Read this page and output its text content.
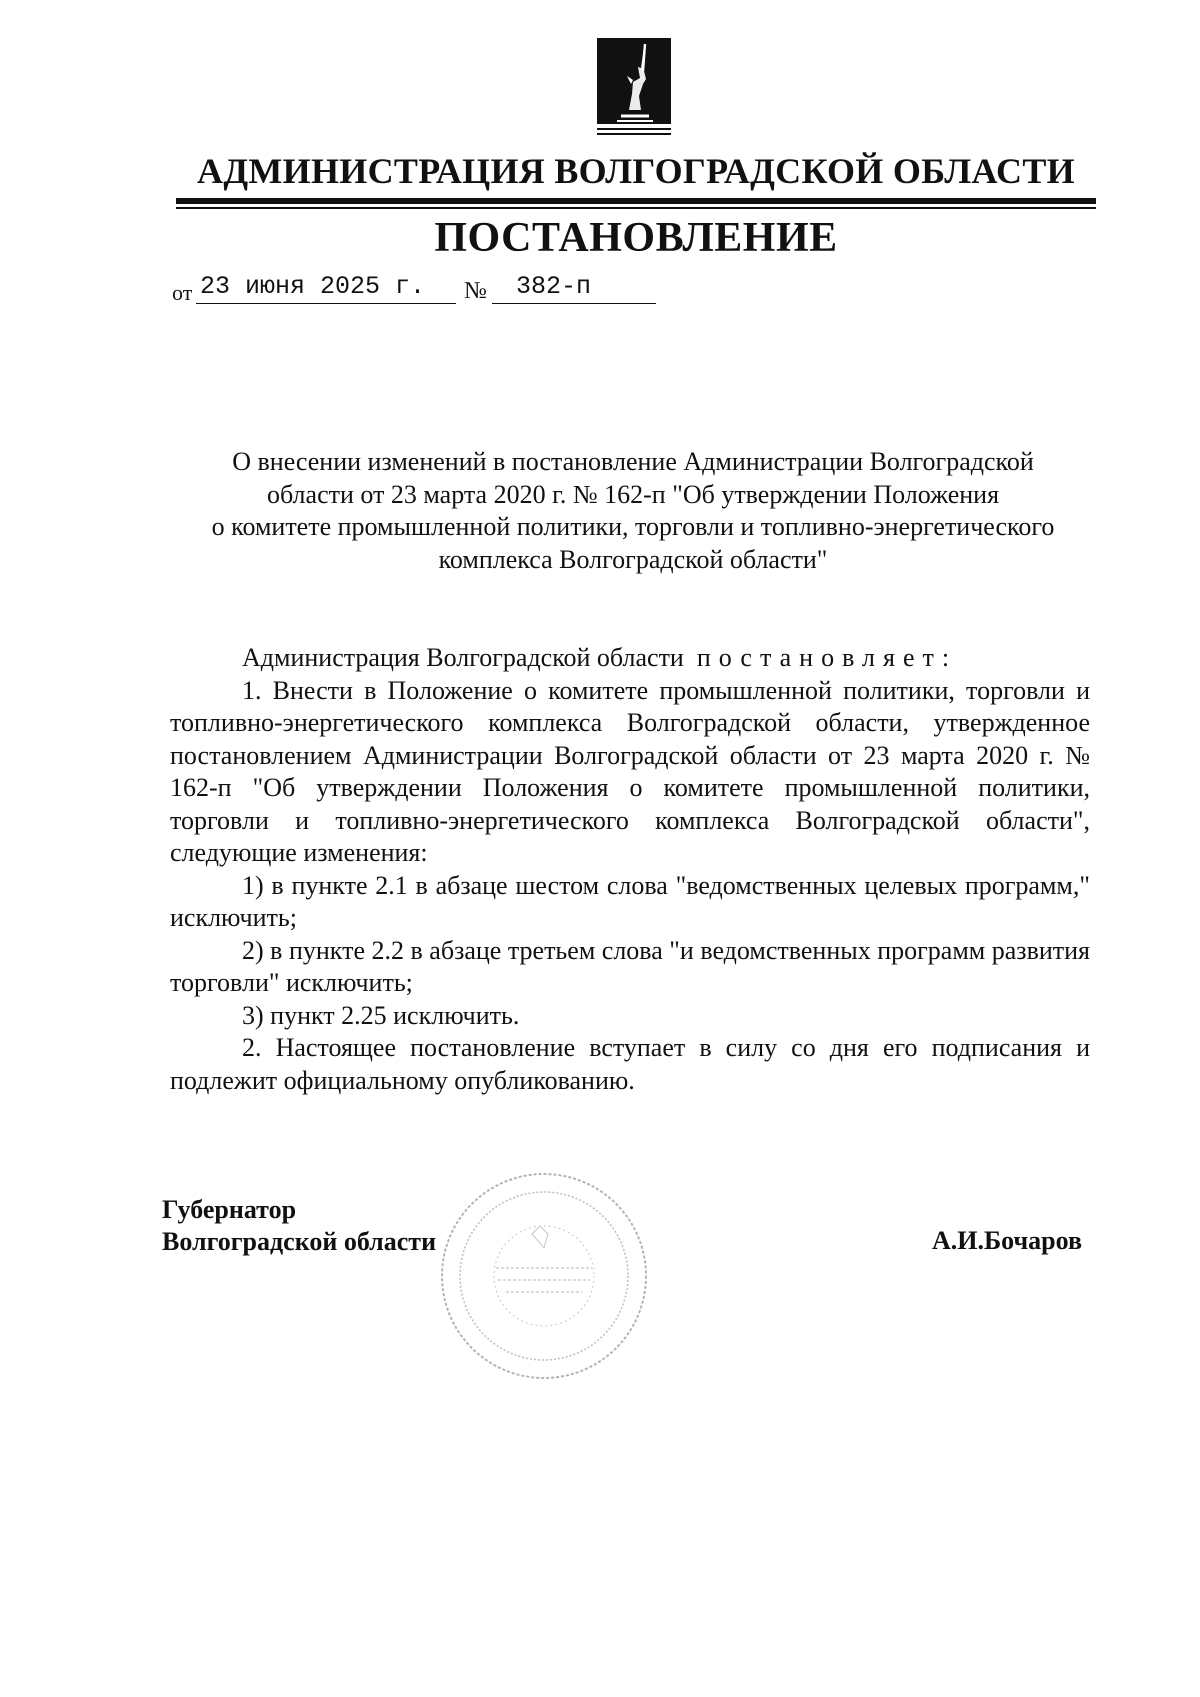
АДМИНИСТРАЦИЯ ВОЛГОГРАДСКОЙ ОБЛАСТИ
ПОСТАНОВЛЕНИЕ
от 23 июня 2025 г.	№	382-п
О внесении изменений в постановление Администрации Волгоградской
области от 23 марта 2020 г. № 162-п "Об утверждении Положения
о комитете промышленной политики, торговли и топливно-энергетического
комплекса Волгоградской области"

Администрация Волгоградской области постановляет:

1. Внести в Положение о комитете промышленной политики, торговли и топливно-энергетического комплекса Волгоградской области, утвержденное постановлением Администрации Волгоградской области от 23 марта 2020 г. № 162-п "Об утверждении Положения о комитете промышленной политики, торговли и топливно-энергетического комплекса Волгоградской области", следующие изменения:

1) в пункте 2.1 в абзаце шестом слова "ведомственных целевых программ," исключить;

2) в пункте 2.2 в абзаце третьем слова "и ведомственных программ развития торговли" исключить;

3) пункт 2.25 исключить.

2. Настоящее постановление вступает в силу со дня его подписания и подлежит официальному опубликованию.

Губернатор
Волгоградской области	А.И.Бочаров
